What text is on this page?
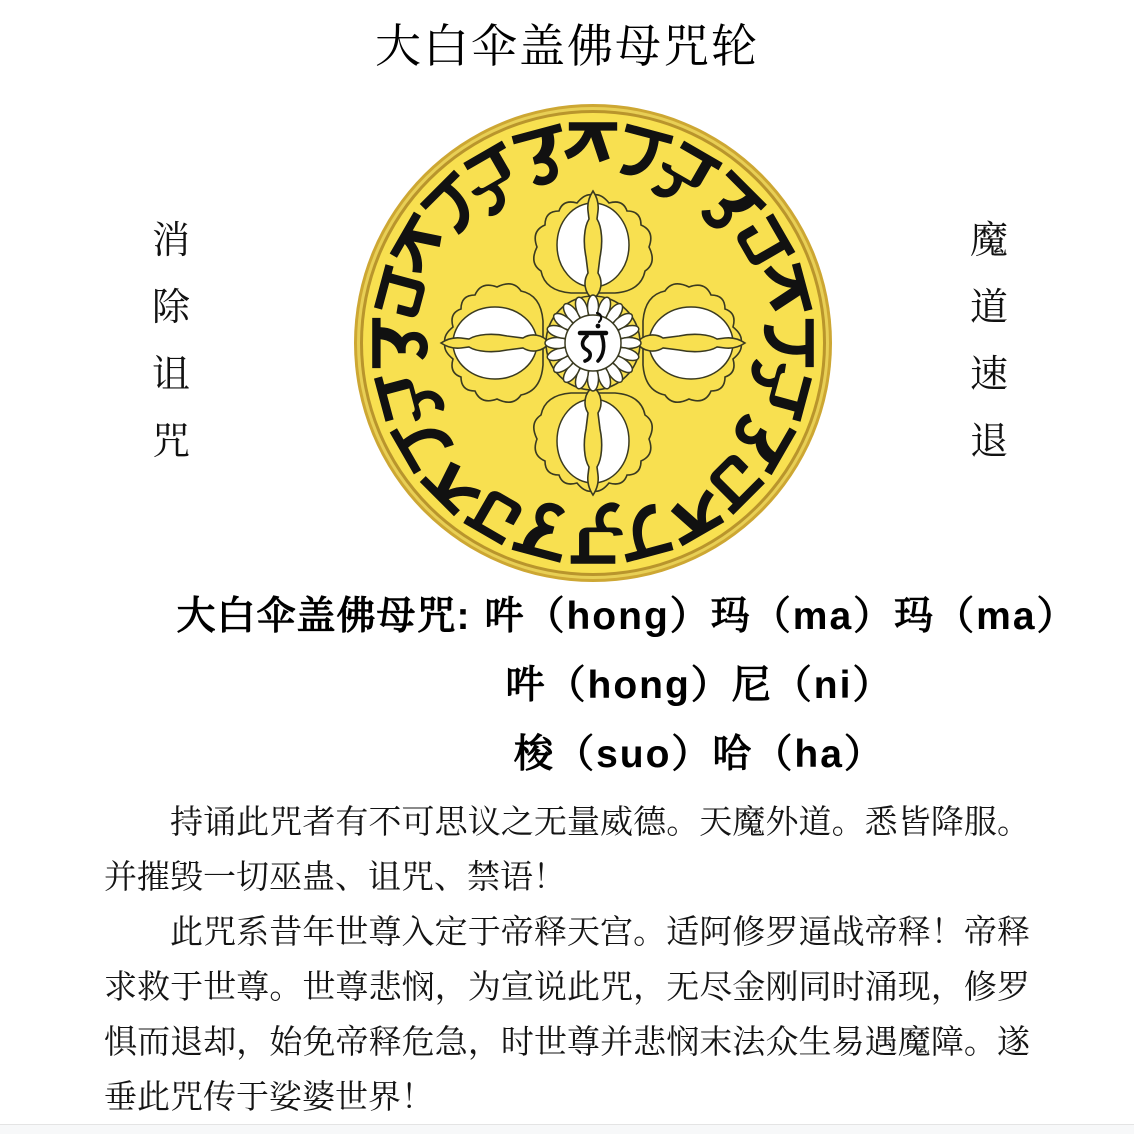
大白伞盖佛母咒轮
消
除
诅
咒
魔
道
速
退
大白伞盖佛母咒: 吽（hong）玛（ma）玛（ma）
吽（hong）尼（ni）
梭（suo）哈（ha）

持诵此咒者有不可思议之无量威德。天魔外道。悉皆降服。并摧毁一切巫蛊、诅咒、禁语！

此咒系昔年世尊入定于帝释天宫。适阿修罗逼战帝释！帝释求救于世尊。世尊悲悯，为宣说此咒，无尽金刚同时涌现，修罗惧而退却，始免帝释危急，时世尊并悲悯末法众生易遇魔障。遂垂此咒传于娑婆世界！
